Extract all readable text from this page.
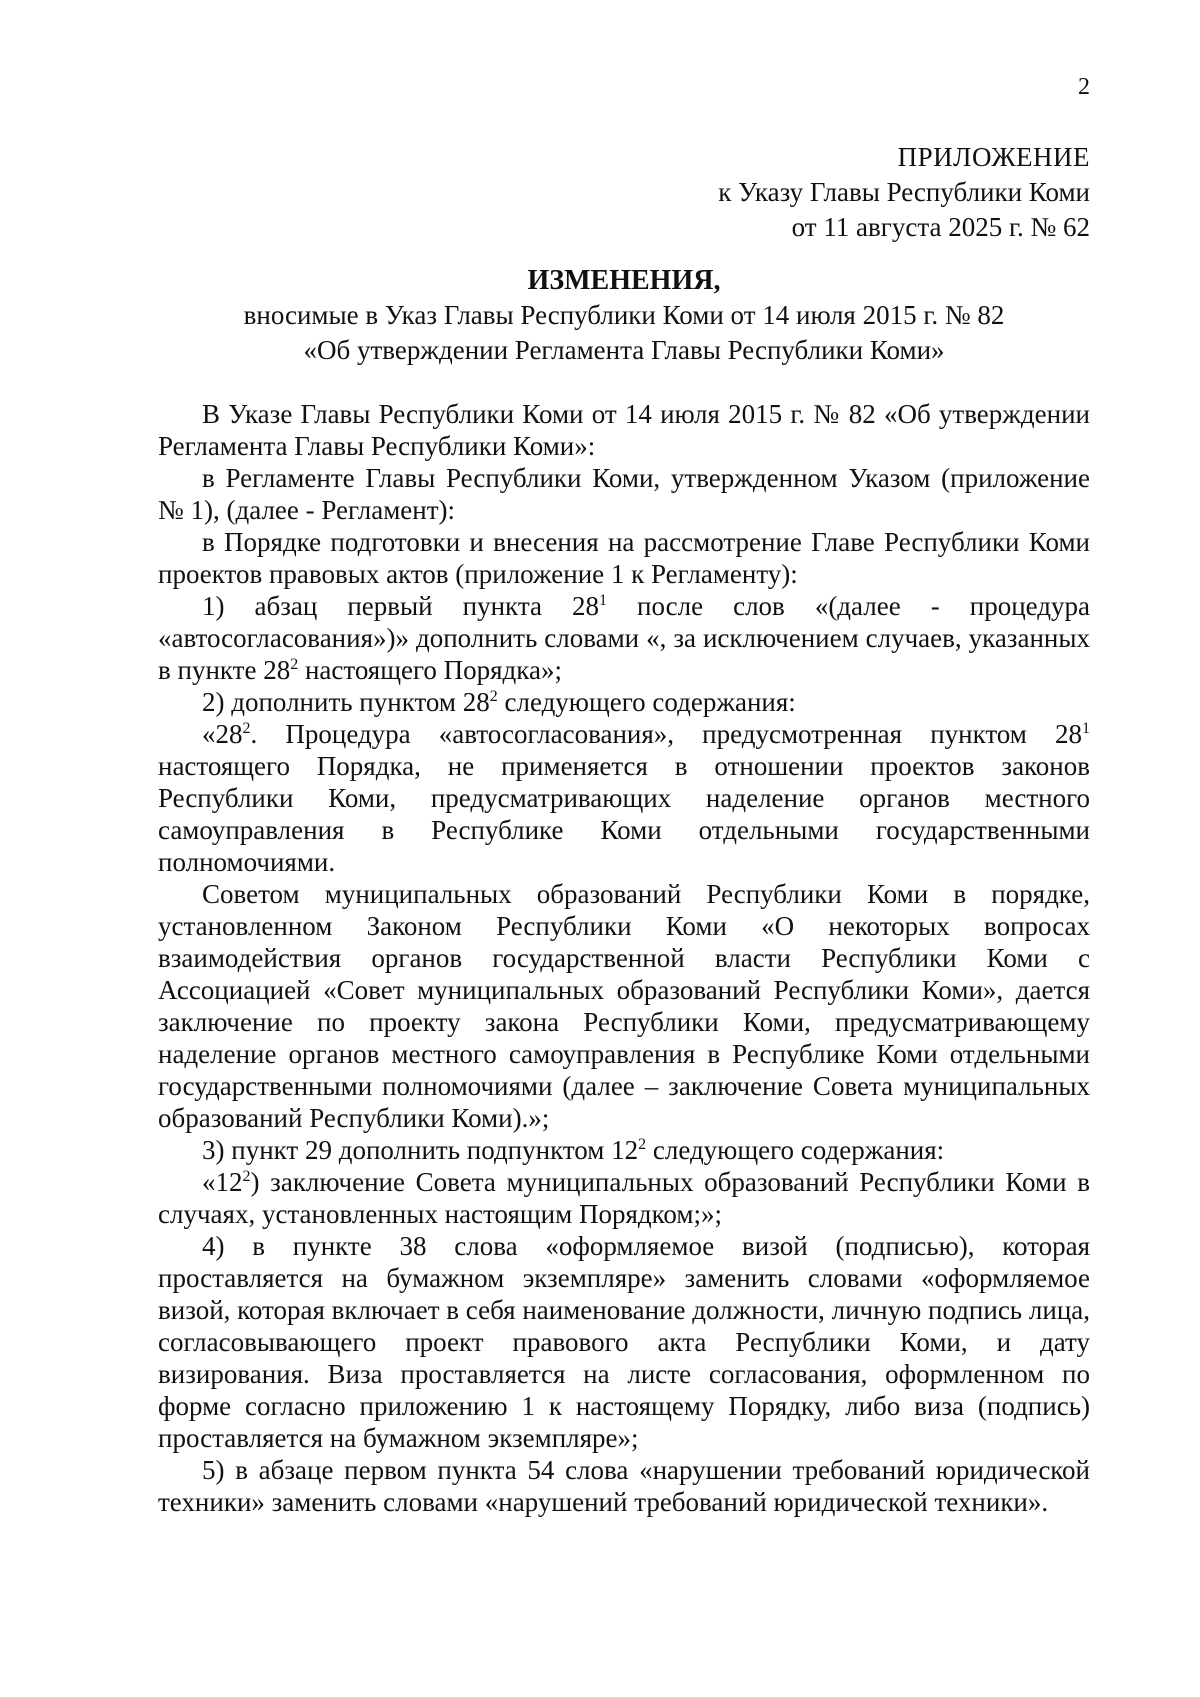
2

ПРИЛОЖЕНИЕ
к Указу Главы Республики Коми
от 11 августа 2025 г. № 62
ИЗМЕНЕНИЯ,
вносимые в Указ Главы Республики Коми от 14 июля 2015 г. № 82
«Об утверждении Регламента Главы Республики Коми»

В Указе Главы Республики Коми от 14 июля 2015 г. № 82 «Об утверждении Регламента Главы Республики Коми»:

в Регламенте Главы Республики Коми, утвержденном Указом (приложение № 1), (далее - Регламент):

в Порядке подготовки и внесения на рассмотрение Главе Республики Коми проектов правовых актов (приложение 1 к Регламенту):

1) абзац первый пункта $28^1$ после слов «(далее - процедура «автосогласования»)» дополнить словами «, за исключением случаев, указанных в пункте $28^2$ настоящего Порядка»;

2) дополнить пунктом $28^2$ следующего содержания:

«$28^2$. Процедура «автосогласования», предусмотренная пунктом $28^1$ настоящего Порядка, не применяется в отношении проектов законов Республики Коми, предусматривающих наделение органов местного самоуправления в Республике Коми отдельными государственными полномочиями.

Советом муниципальных образований Республики Коми в порядке, установленном Законом Республики Коми «О некоторых вопросах взаимодействия органов государственной власти Республики Коми с Ассоциацией «Совет муниципальных образований Республики Коми», дается заключение по проекту закона Республики Коми, предусматривающему наделение органов местного самоуправления в Республике Коми отдельными государственными полномочиями (далее – заключение Совета муниципальных образований Республики Коми).»;

3) пункт 29 дополнить подпунктом $12^2$ следующего содержания:

«$12^2$) заключение Совета муниципальных образований Республики Коми в случаях, установленных настоящим Порядком;»;

4) в пункте 38 слова «оформляемое визой (подписью), которая проставляется на бумажном экземпляре» заменить словами «оформляемое визой, которая включает в себя наименование должности, личную подпись лица, согласовывающего проект правового акта Республики Коми, и дату визирования. Виза проставляется на листе согласования, оформленном по форме согласно приложению 1 к настоящему Порядку, либо виза (подпись) проставляется на бумажном экземпляре»;

5) в абзаце первом пункта 54 слова «нарушении требований юридической техники» заменить словами «нарушений требований юридической техники».
